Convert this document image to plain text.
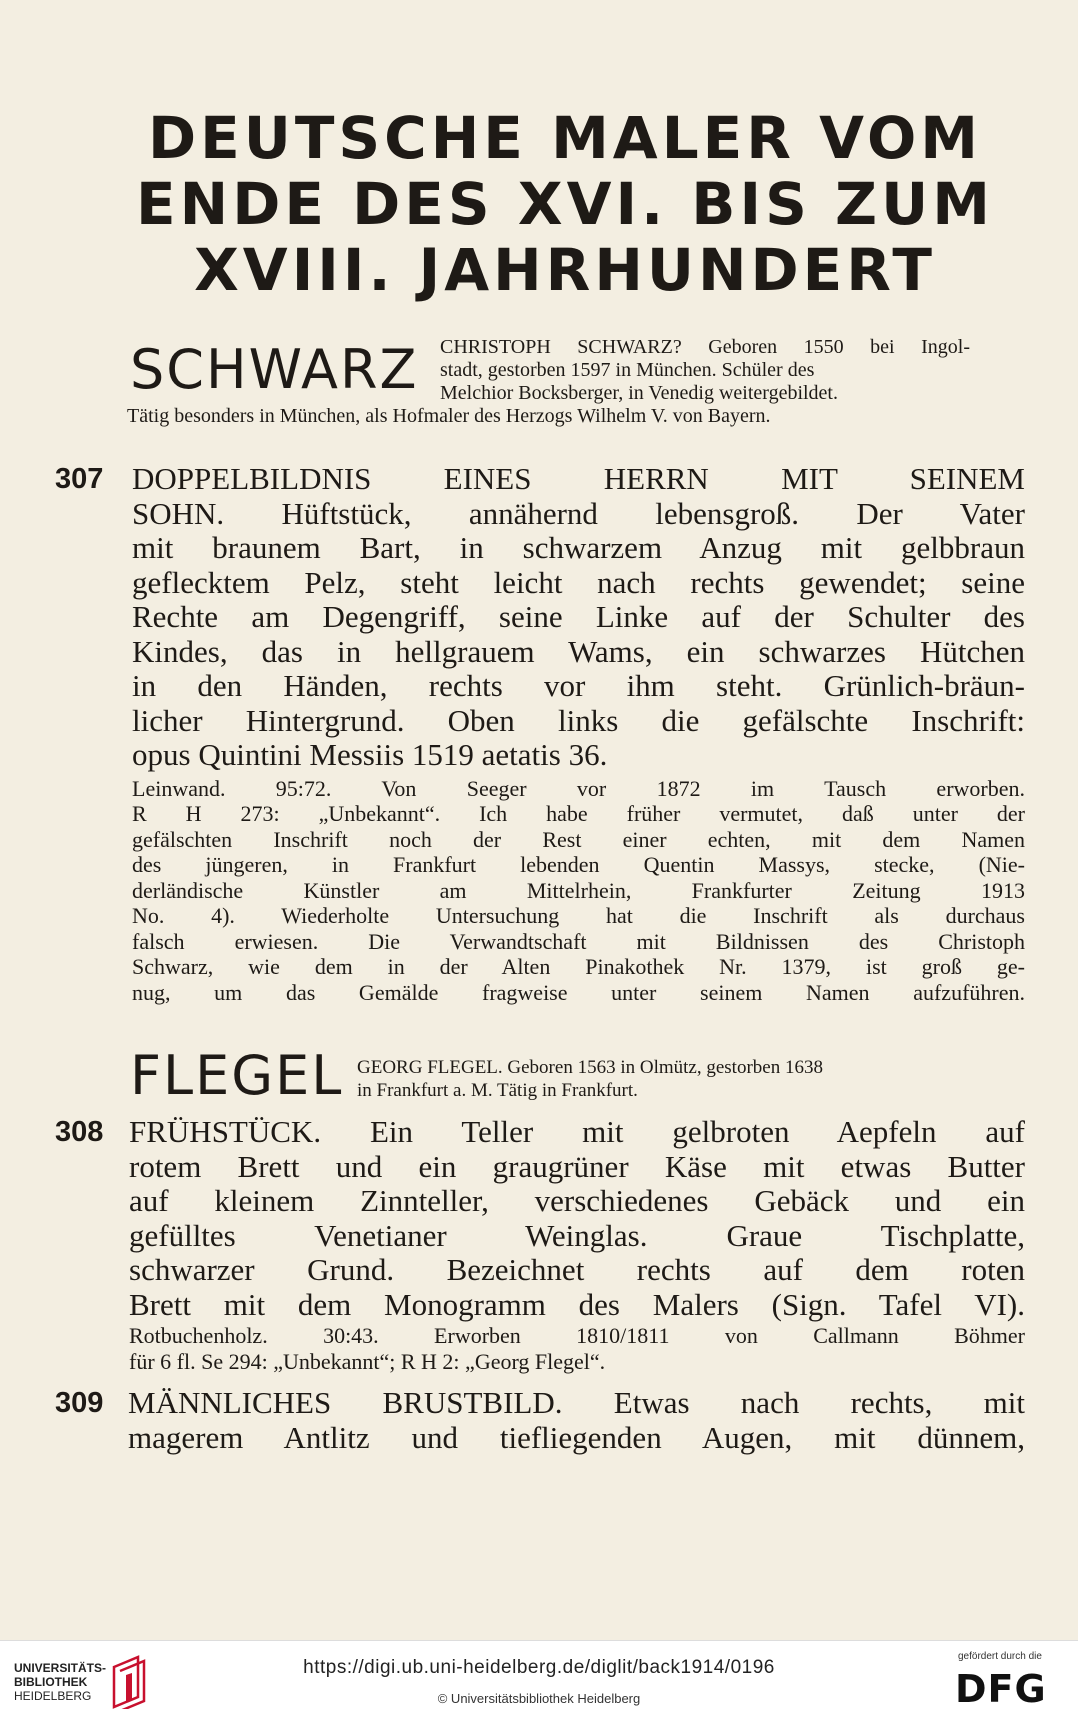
DEUTSCHE MALER VOM
ENDE DES XVI. BIS ZUM
XVIII. JAHRHUNDERT
SCHWARZ CHRISTOPH SCHWARZ? Geboren 1550 bei Ingol-
stadt, gestorben 1597 in München. Schüler des
Melchior Bocksberger, in Venedig weitergebildet.
Tätig besonders in München, als Hofmaler des Herzogs Wilhelm V. von Bayern.
307 DOPPELBILDNIS EINES HERRN MIT SEINEM
SOHN. Hüftstück, annähernd lebensgroß. Der Vater
mit braunem Bart, in schwarzem Anzug mit gelbbraun
geflecktem Pelz, steht leicht nach rechts gewendet; seine
Rechte am Degengriff, seine Linke auf der Schulter des
Kindes, das in hellgrauem Wams, ein schwarzes Hütchen
in den Händen, rechts vor ihm steht. Grünlich-bräun-
licher Hintergrund. Oben links die gefälschte Inschrift:
opus Quintini Messiis 1519 aetatis 36.
Leinwand. 95:72. Von Seeger vor 1872 im Tausch erworben.
R H 273: „Unbekannt“. Ich habe früher vermutet, daß unter der
gefälschten Inschrift noch der Rest einer echten, mit dem Namen
des jüngeren, in Frankfurt lebenden Quentin Massys, stecke, (Nie-
derländische Künstler am Mittelrhein, Frankfurter Zeitung 1913
No. 4). Wiederholte Untersuchung hat die Inschrift als durchaus
falsch erwiesen. Die Verwandtschaft mit Bildnissen des Christoph
Schwarz, wie dem in der Alten Pinakothek Nr. 1379, ist groß ge-
nug, um das Gemälde fragweise unter seinem Namen aufzuführen.
FLEGEL GEORG FLEGEL. Geboren 1563 in Olmütz, gestorben 1638
in Frankfurt a. M. Tätig in Frankfurt.
308 FRÜHSTÜCK. Ein Teller mit gelbroten Aepfeln auf
rotem Brett und ein graugrüner Käse mit etwas Butter
auf kleinem Zinnteller, verschiedenes Gebäck und ein
gefülltes Venetianer Weinglas. Graue Tischplatte,
schwarzer Grund. Bezeichnet rechts auf dem roten
Brett mit dem Monogramm des Malers (Sign. Tafel VI).
Rotbuchenholz. 30:43. Erworben 1810/1811 von Callmann Böhmer
für 6 fl. Se 294: „Unbekannt“; R H 2: „Georg Flegel“.
309 MÄNNLICHES BRUSTBILD. Etwas nach rechts, mit
magerem Antlitz und tiefliegenden Augen, mit dünnem,
UNIVERSITÄTS-
BIBLIOTHEK
HEIDELBERG
https://digi.ub.uni-heidelberg.de/diglit/back1914/0196
© Universitätsbibliothek Heidelberg
gefördert durch die
DFG
